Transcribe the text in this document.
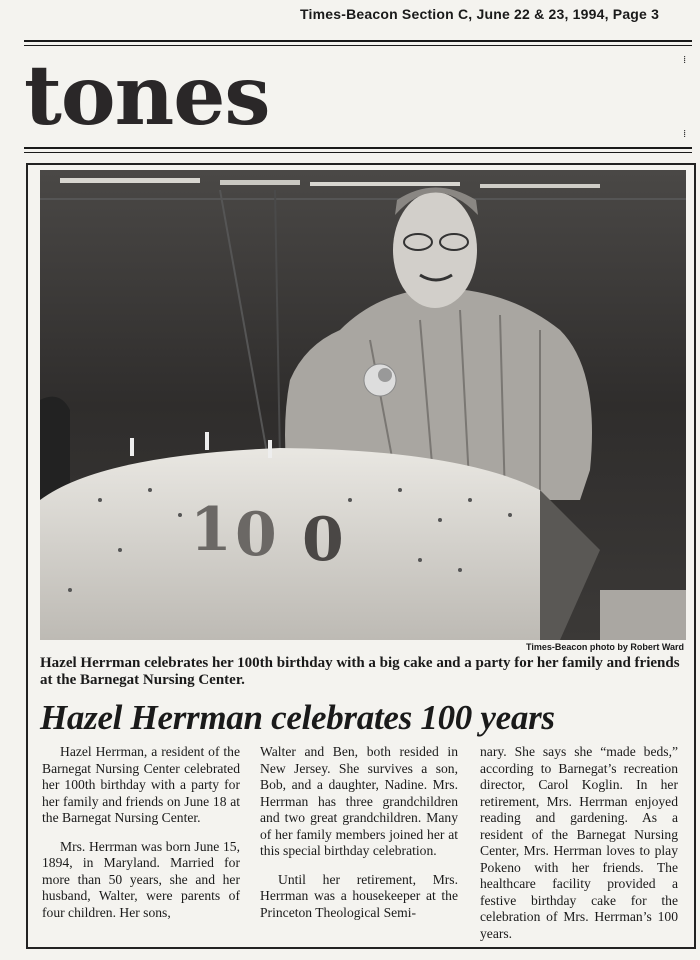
Times-Beacon Section C, June 22 & 23, 1994, Page 3
tones	⁞
⁞
1 0 0
Times-Beacon photo by Robert Ward
Hazel Herrman celebrates her 100th birthday with a big cake and a party for her family and friends at the Barnegat Nursing Center.
Hazel Herrman celebrates 100 years

Hazel Herrman, a resident of the Barnegat Nursing Center celebrated her 100th birthday with a party for her family and friends on June 18 at the Barnegat Nursing Center.

Mrs. Herrman was born June 15, 1894, in Maryland. Married for more than 50 years, she and her husband, Walter, were parents of four children. Her sons,

Walter and Ben, both resided in New Jersey. She survives a son, Bob, and a daughter, Nadine. Mrs. Herrman has three grandchildren and two great grandchildren. Many of her family members joined her at this special birthday celebration.

Until her retirement, Mrs. Herrman was a housekeeper at the Princeton Theological Semi-

nary. She says she “made beds,” according to Barnegat’s recreation director, Carol Koglin. In her retirement, Mrs. Herrman enjoyed reading and gardening. As a resident of the Barnegat Nursing Center, Mrs. Herrman loves to play Pokeno with her friends. The healthcare facility provided a festive birthday cake for the celebration of Mrs. Herrman’s 100 years.
